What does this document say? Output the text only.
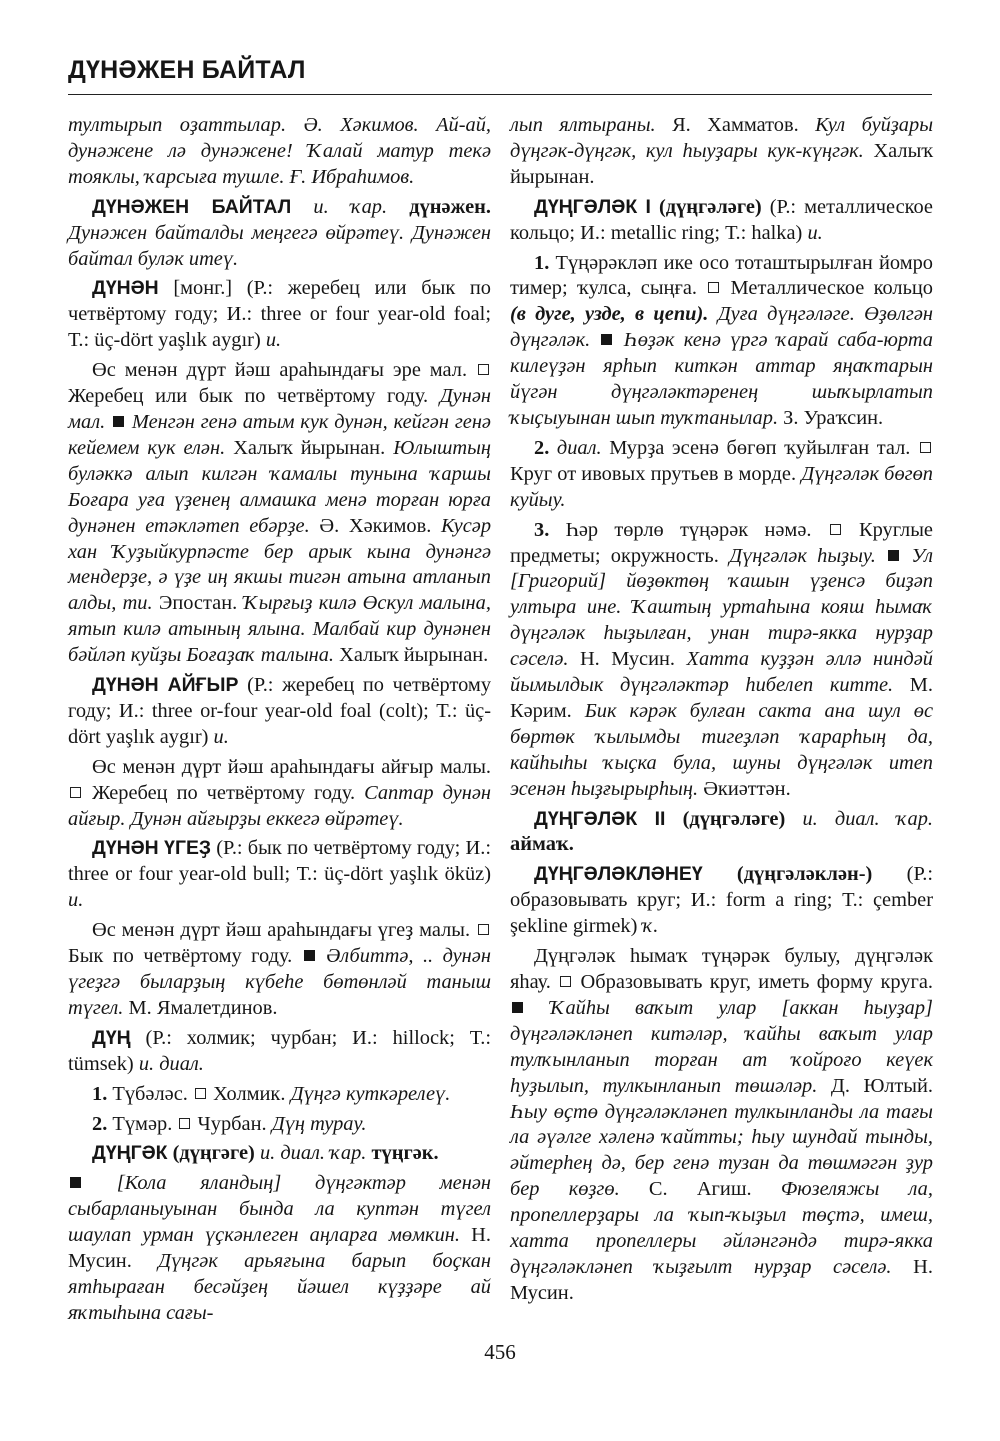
ДҮНӘЖЕН БАЙТАЛ

тултырып оҙаттылар. Ә. Хәкимов. Ай-ай, дунәжене лә дунәжене! Ҡалай матур текә тояклы, ҡарсыға тушле. Ғ. Ибраһимов.

ДҮНӘЖЕН БАЙТАЛ и. ҡар. дүнәжен. Дунәжен байталды меңгегә өйрәтеү. Дунәжен байтал буләк итеү.

ДҮНӘН [монг.] (Р.: жеребец или бык по четвёртому году; И.: three or four year-old foal; Т.: üç-dört yaşlık aygır) и.

Өс менән дүрт йәш араһындағы эре мал.  Жеребец или бык по четвёртому году. Дунән мал. Менгән генә атым кук дунән, кейгән генә кейемем кук елән. Халыҡ йырынан. Юлыштың буләккә алып килгән ҡамалы тунына ҡаршы Боғара уға үҙенең алмашка менә торған юрға дунәнен етәкләтеп ебәрҙе. Ә. Хәкимов. Кусәр хан Ҡуҙыйкурпәсте бер арык кына дунәнгә мендерҙе, ә үҙе иң якшы тигән атына атланып алды, ти. Эпостан. Ҡырғыҙ килә Өскул малына, ятып килә атының ялына. Малбай кир дунәнен бәйләп куйҙы Боғаҙаҡ талына. Халыҡ йырынан.

ДҮНӘН АЙҒЫР (Р.: жеребец по четвёртому году; И.: three or-four year-old foal (colt); Т.: üç-dört yaşlık aygır) и.

Өс менән дүрт йәш араһындағы айғыр малы.  Жеребец по четвёртому году. Саптар дунән айғыр. Дунән айғырҙы еккегә өйрәтеү.

ДҮНӘН ҮГЕҘ (Р.: бык по четвёртому году; И.: three or four year-old bull; Т.: üç-dört yaşlık öküz) и.

Өс менән дүрт йәш араһындағы үгеҙ малы.  Бык по четвёртому году. Әлбиттә, .. дунән үгеҙгә быларҙың күбеһе бөтөнләй таныш түгел. М. Ямалетдинов.

ДҮҢ (Р.: холмик; чурбан; И.: hillock; Т.: tümsek) и. диал.

1. Түбәләс. Холмик. Дүңгә куткәрелеү.

2. Түмәр. Чурбан. Дүң тураy.

ДҮҢГӘК (дүңгәге) и. диал. ҡар. түңгәк.

[Кола яландың] дүңгәктәр менән сыбарланыуынан бында ла куптән түгел шаулап урман үҫкәнлеген аңларға мөмкин. Н. Мусин. Дүңгәк арьяғына барып боҫкан ятһыраған бесәйҙең йәшел күҙҙәре ай яҡтыһына сағы-

лып ялтыраны. Я. Хамматов. Кул буйҙары дүңгәк-дүңгәк, кул һыуҙары кук-күңгәк. Халыҡ йырынан.

ДҮҢГӘЛӘК I (дүңгәләге) (Р.: металлическое кольцо; И.: metallic ring; Т.: halka) и.

1. Түңәрәкләп ике осо тоташтырылған йомро тимер; ҡулса, сыңға. Металлическое кольцо (в дуге, узде, в цепи). Дуға дүңгәләге. Өҙөлгән дүңгәләк. Һөҙәк кенә үргә ҡарай саба-юрта килеүҙән ярһып киткән аттар яңаҡтарын йүгән дүңгәләктәренең шыҡырлатып ҡыҫыуынан шып туҡтанылар. З. Ураҡсин.

2. диал. Мурҙа эсенә бөгөп ҡуйылған тал.  Круг от ивовых прутьев в морде. Дүңгәләк бөгөп куйыу.

3. Һәр төрлө түңәрәк нәмә. Круглые предметы; окружность. Дүңгәләк һыҙыу. Ул [Григорий] йөҙөктөң ҡашын үҙенсә биҙәп ултыра ине. Ҡаштың уртаһына кояш һымаҡ дүңгәләк һыҙылған, унан тирә-якка нурҙар сәселә. Н. Мусин. Хатта куҙҙән әллә ниндәй йымылдык дүңгәләктәр һибелеп китте. М. Кәрим. Бик кәрәк булған сакта ана шул өс бөртөк ҡылымды тигеҙләп ҡарарһың да, кайһыһы ҡыҫка була, шуны дүңгәләк итеп эсенән һыҙғырырһың. Әкиәттән.

ДҮҢГӘЛӘК II (дүңгәләге) и. диал. ҡар. аймаҡ.

ДҮҢГӘЛӘКЛӘНЕҮ (дүңгәләклән-) (Р.: образовывать круг; И.: form a ring; Т.: çember şekline girmek) ҡ.

Дүңгәләк һымаҡ түңәрәк булыу, дүңгәләк яһау. Образовывать круг, иметь форму круга.  Ҡайһы ваҡыт улар [аккан һыуҙар] дүңгәләкләнеп китәләр, ҡайһы ваҡыт улар тулҡынланып торған ат ҡойроғо кеүек һуҙылып, тулкынланып төшәләр. Д. Юлтый. Һыу өҫтө дүңгәләкләнеп тулкынланды ла тағы ла әүәлге хәленә ҡайтты; һыу шундай тынды, әйтерһең дә, бер генә тузан да төшмәгән ҙур бер көҙгө. С. Агиш. Фюзеляжы ла, пропеллерҙары ла ҡып-ҡыҙыл төҫтә, имеш, хатта пропеллеры әйләнгәндә тирә-якка дүңгәләкләнеп ҡыҙғылт нурҙар сәселә. Н. Мусин.

456
